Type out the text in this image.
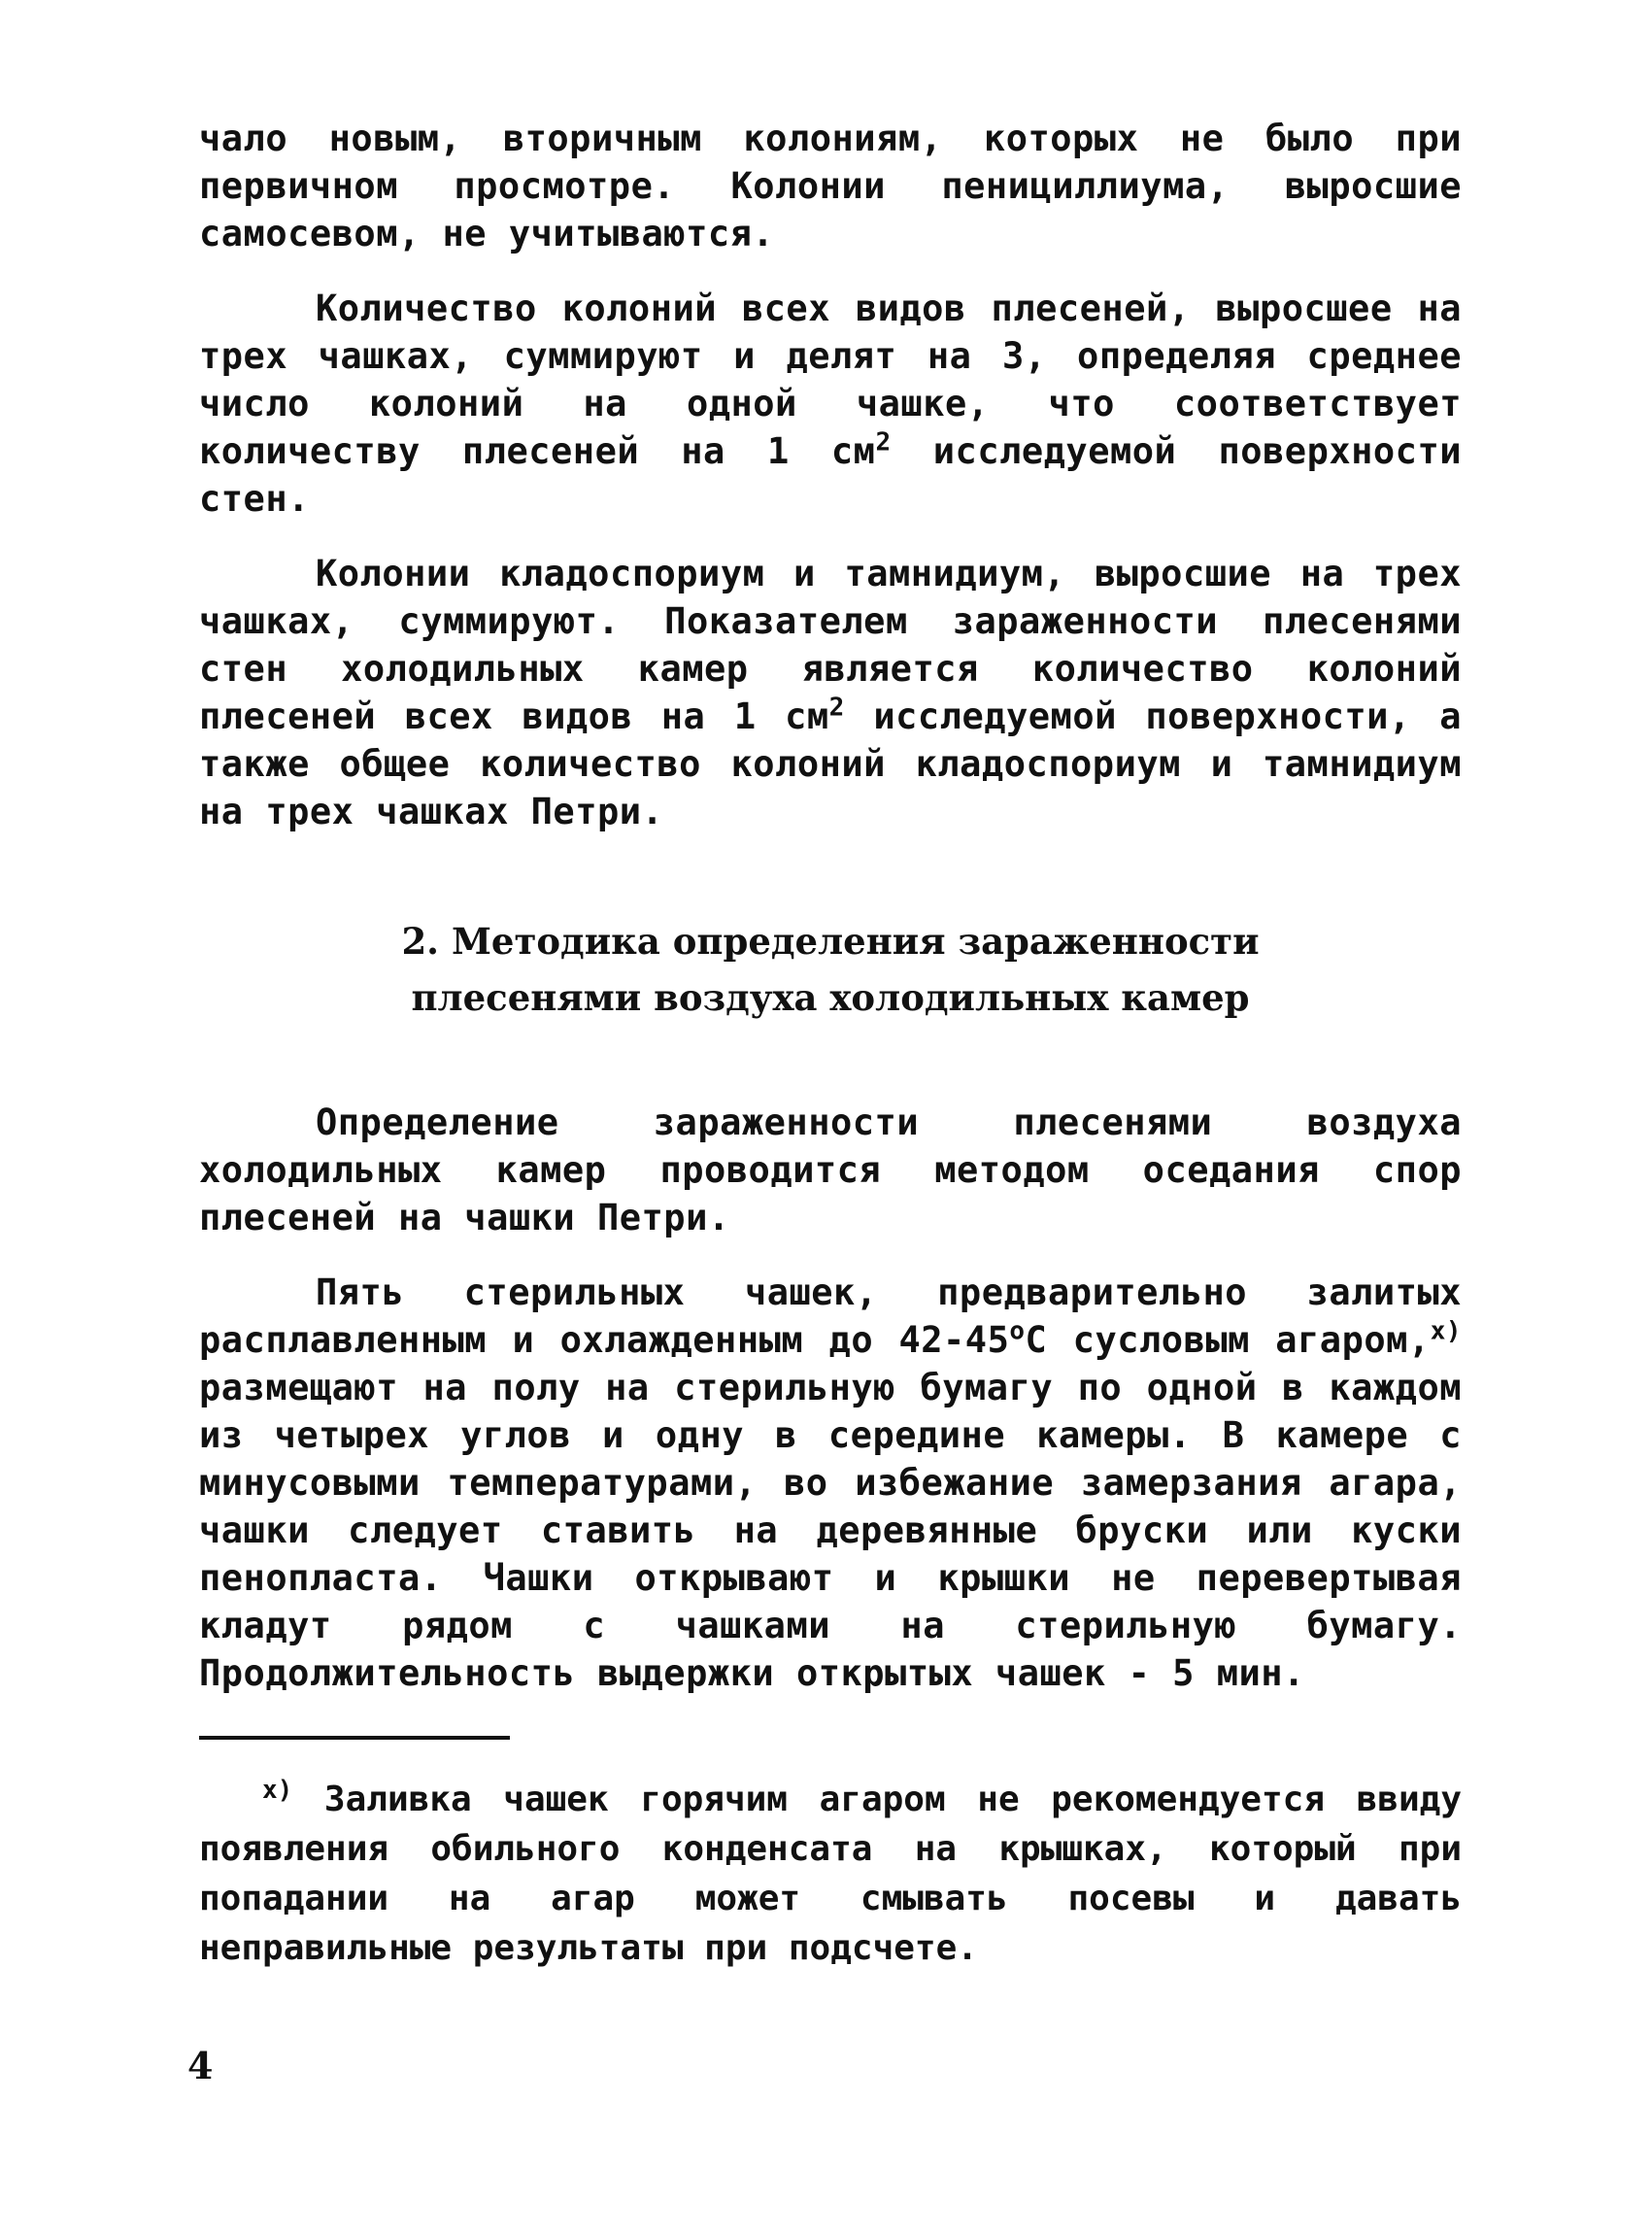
чало новым, вторичным колониям, которых не было при первичном просмотре. Колонии пенициллиума, выросшие самосевом, не учитываются.

Количество колоний всех видов плесеней, выросшее на трех чашках, суммируют и делят на 3, определяя среднее число колоний на одной чашке, что соответствует количеству плесеней на 1 $см^2$ исследуемой поверхности стен.

Колонии кладоспориум и тамнидиум, выросшие на трех чашках, суммируют. Показателем зараженности плесенями стен холодильных камер является количество колоний плесеней всех видов на 1 $см^2$ исследуемой поверхности, а также общее количество колоний кладоспориум и тамнидиум на трех чашках Петри.

2. Методика определения зараженности
плесенями воздуха холодильных камер

Определение зараженности плесенями воздуха холодильных камер проводится методом оседания спор плесеней на чашки Петри.

Пять стерильных чашек, предварительно залитых расплавленным и охлажденным до 42-45$^o$С сусловым агаром,$^{x)}$ размещают на полу на стерильную бумагу по одной в каждом из четырех углов и одну в середине камеры. В камере с минусовыми температурами, во избежание замерзания агара, чашки следует ставить на деревянные бруски или куски пенопласта. Чашки открывают и крышки не перевертывая кладут рядом с чашками на стерильную бумагу. Продолжительность выдержки открытых чашек - 5 мин.

$^{x)}$ Заливка чашек горячим агаром не рекомендуется ввиду появления обильного конденсата на крышках, который при попадании на агар может смывать посевы и давать неправильные результаты при подсчете.

4
